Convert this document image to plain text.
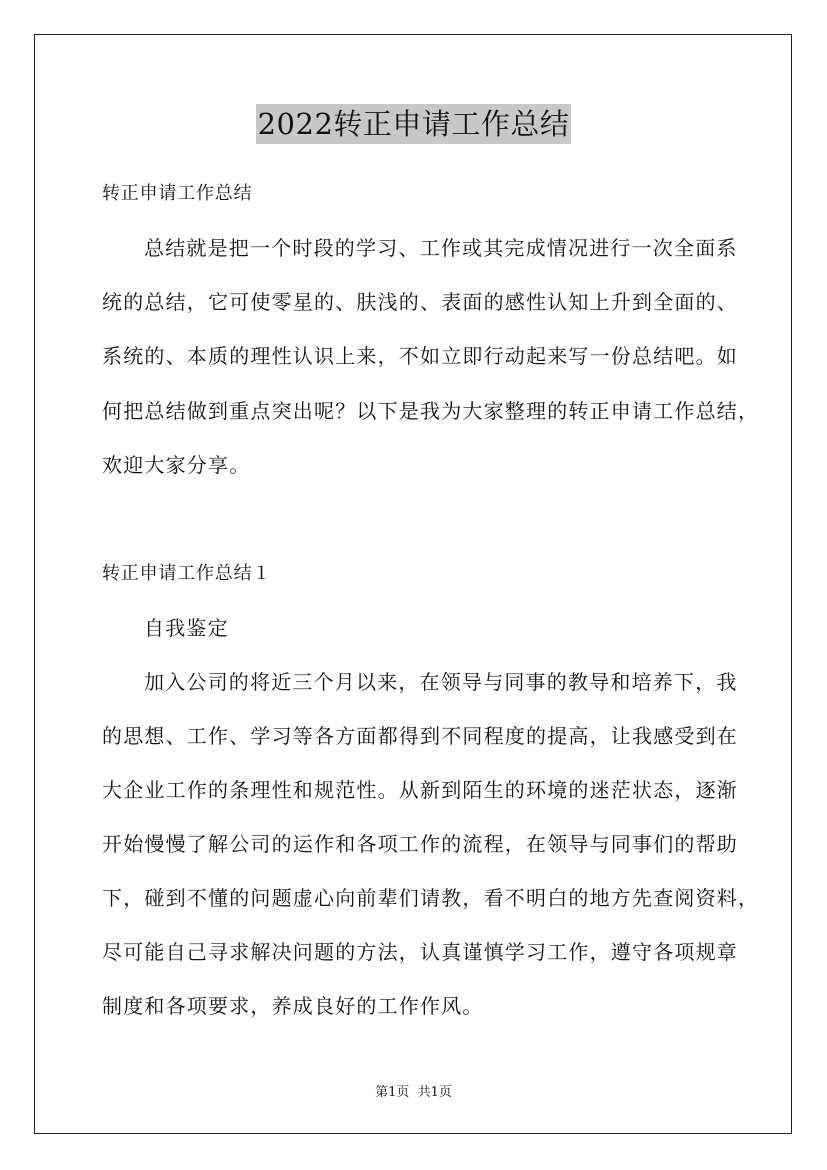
2022转正申请工作总结
转正申请工作总结
总结就是把一个时段的学习、工作或其完成情况进行一次全面系
统的总结，它可使零星的、肤浅的、表面的感性认知上升到全面的、
系统的、本质的理性认识上来，不如立即行动起来写一份总结吧。如
何把总结做到重点突出呢？以下是我为大家整理的转正申请工作总结，
欢迎大家分享。
转正申请工作总结１
自我鉴定
加入公司的将近三个月以来，在领导与同事的教导和培养下，我
的思想、工作、学习等各方面都得到不同程度的提高，让我感受到在
大企业工作的条理性和规范性。从新到陌生的环境的迷茫状态，逐渐
开始慢慢了解公司的运作和各项工作的流程，在领导与同事们的帮助
下，碰到不懂的问题虚心向前辈们请教，看不明白的地方先查阅资料，
尽可能自己寻求解决问题的方法，认真谨慎学习工作，遵守各项规章
制度和各项要求，养成良好的工作作风。
第1页  共1页
